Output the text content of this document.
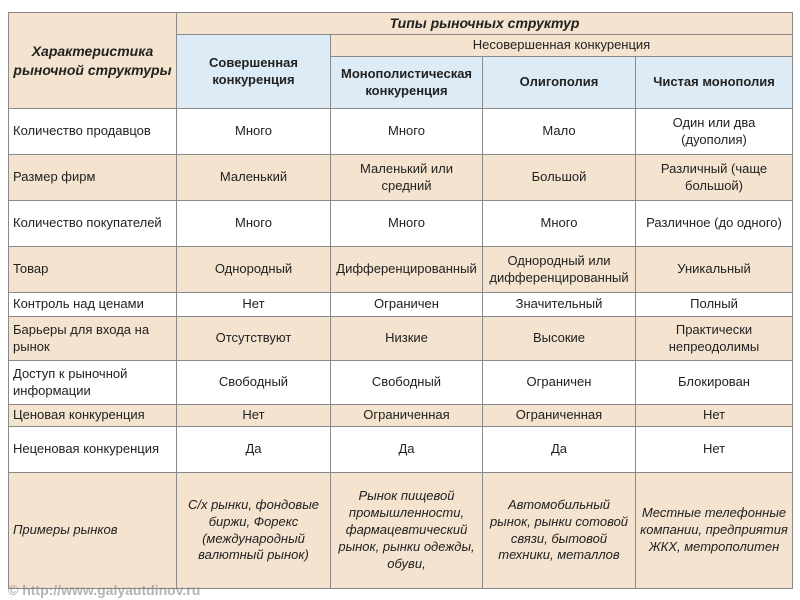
Характеристика рыночной структуры	Типы рыночных структур			
	Совершенная конкуренция	Несовершенная конкуренция		
		Монополистическая конкуренция	Олигополия	Чистая монополия
Количество продавцов	Много	Много	Мало	Один или два (дуополия)
Размер фирм	Маленький	Маленький или средний	Большой	Различный (чаще большой)
Количество покупателей	Много	Много	Много	Различное (до одного)
Товар	Однородный	Дифференцированный	Однородный или дифференцированный	Уникальный
Контроль над ценами	Нет	Ограничен	Значительный	Полный
Барьеры для входа на рынок	Отсутствуют	Низкие	Высокие	Практически непреодолимы
Доступ к рыночной информации	Свободный	Свободный	Ограничен	Блокирован
Ценовая конкуренция	Нет	Ограниченная	Ограниченная	Нет
Неценовая конкуренция	Да	Да	Да	Нет
Примеры рынков	С/х рынки, фондовые биржи, Форекс (международный валютный рынок)	Рынок пищевой промышленности, фармацевтический рынок, рынки одежды, обуви,	Автомобильный рынок, рынки сотовой связи, бытовой техники, металлов	Местные телефонные компании, предприятия ЖКХ, метрополитен
© http://www.galyautdinov.ru
